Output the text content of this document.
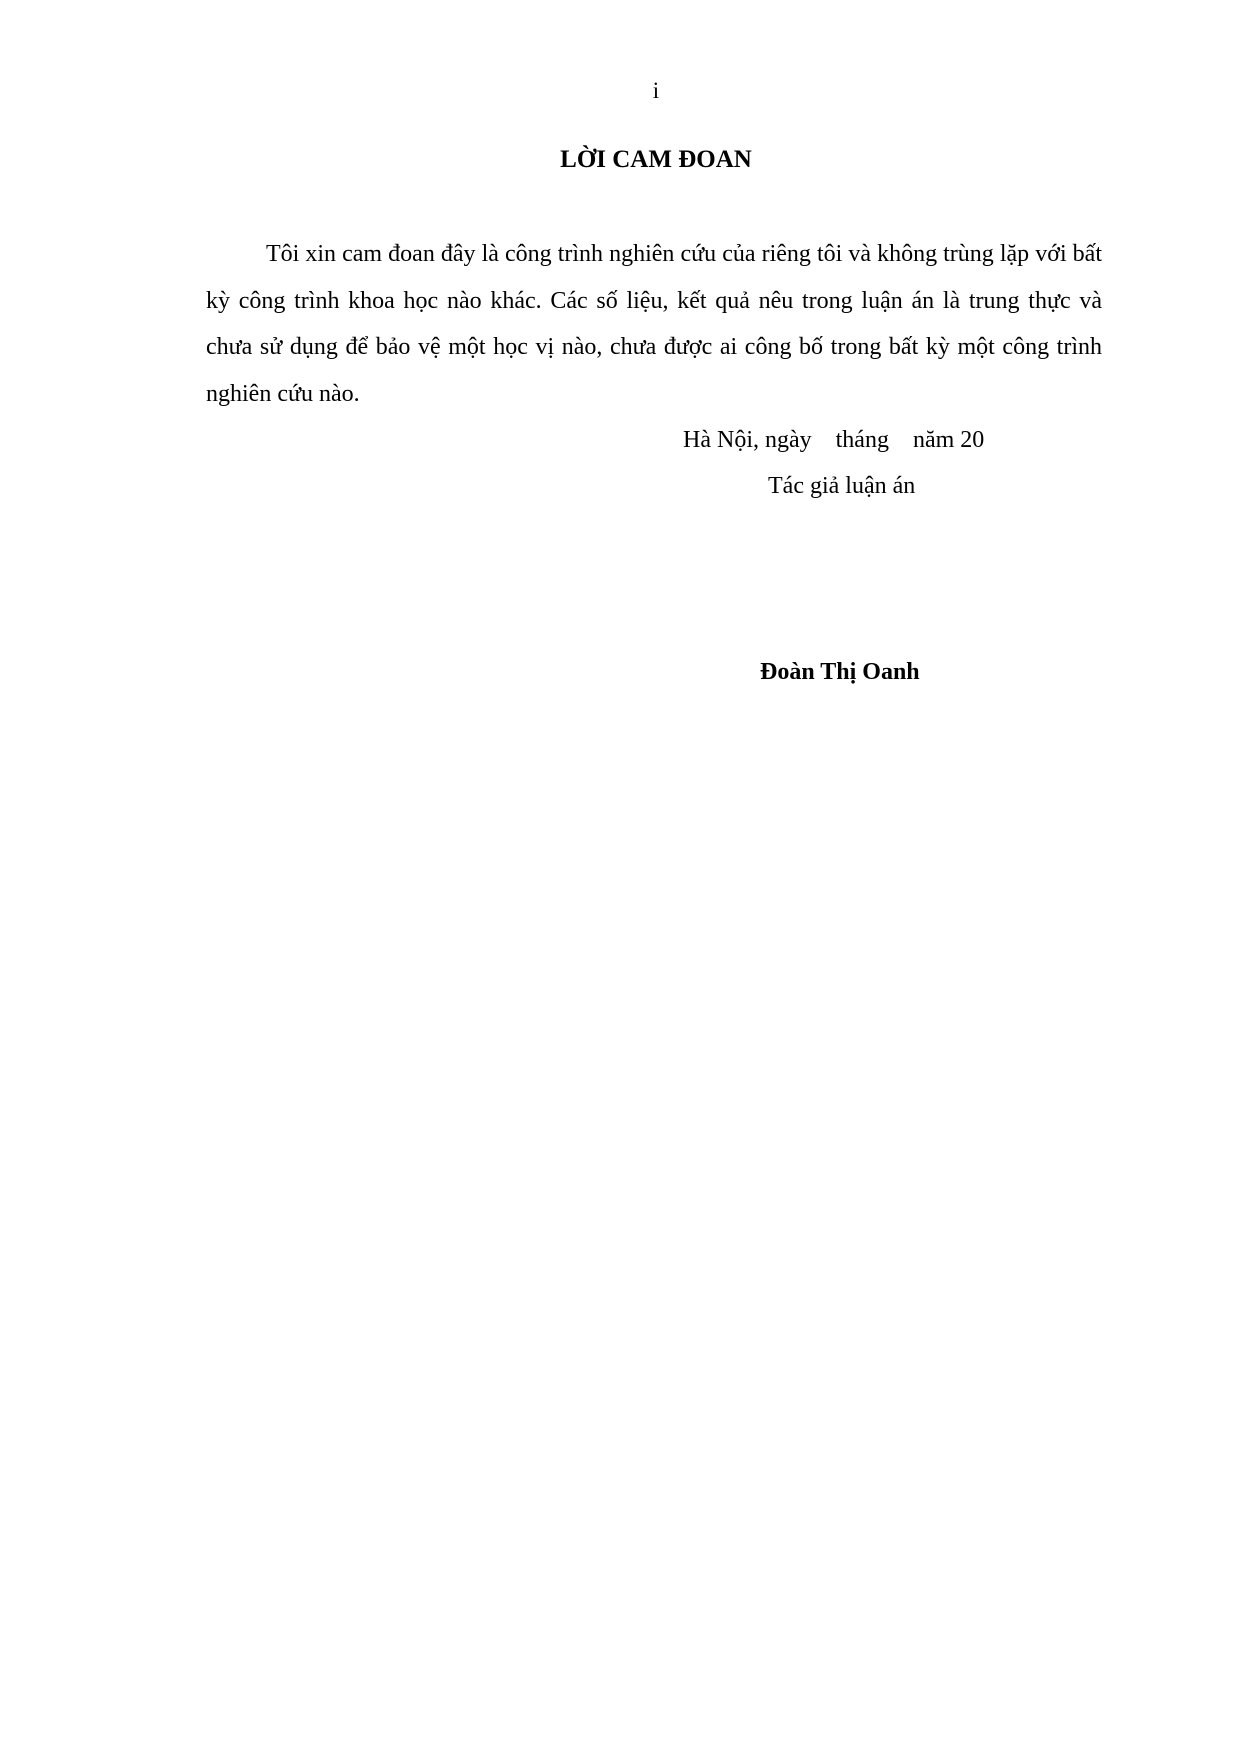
i
LỜI CAM ĐOAN

Tôi xin cam đoan đây là công trình nghiên cứu của riêng tôi và không trùng lặp với bất kỳ công trình khoa học nào khác. Các số liệu, kết quả nêu trong luận án là trung thực và chưa sử dụng để bảo vệ một học vị nào, chưa được ai công bố trong bất kỳ một công trình nghiên cứu nào.

Hà Nội, ngày    tháng    năm 20
Tác giả luận án
Đoàn Thị Oanh
